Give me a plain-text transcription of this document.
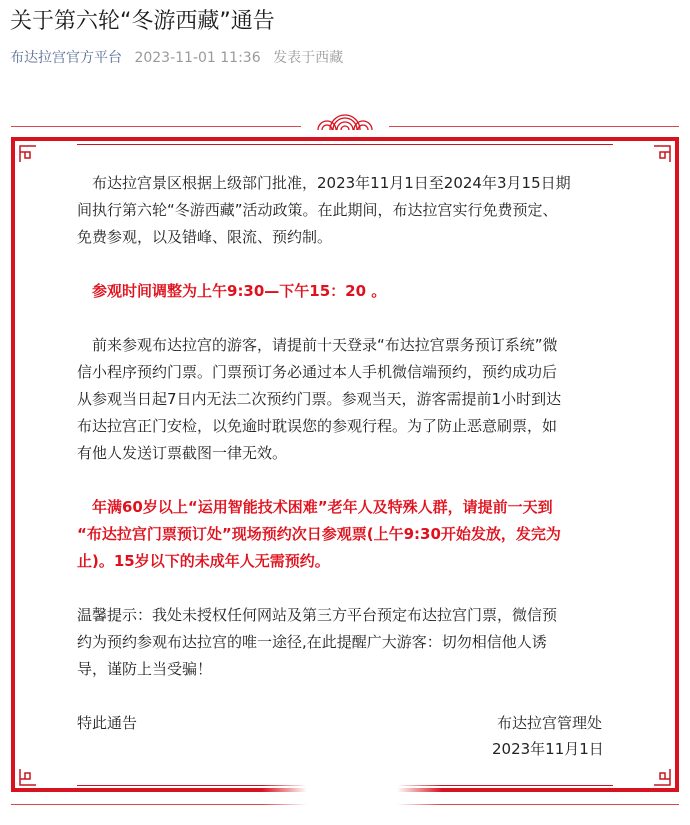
关于第六轮“冬游西藏”通告
布达拉宫官方平台 2023-11-01 11:36 发表于西藏

　布达拉宫景区根据上级部门批准，2023年11月1日至2024年3月15日期
间执行第六轮“冬游西藏”活动政策。在此期间，布达拉宫实行免费预定、
免费参观，以及错峰、限流、预约制。

　参观时间调整为上午9:30—下午15：20 。

　前来参观布达拉宫的游客，请提前十天登录“布达拉宫票务预订系统”微
信小程序预约门票。门票预订务必通过本人手机微信端预约，预约成功后
从参观当日起7日内无法二次预约门票。参观当天，游客需提前1小时到达
布达拉宫正门安检，以免逾时耽误您的参观行程。为了防止恶意刷票，如
有他人发送订票截图一律无效。

　年满60岁以上“运用智能技术困难”老年人及特殊人群，请提前一天到
“布达拉宫门票预订处”现场预约次日参观票(上午9:30开始发放，发完为
止)。15岁以下的未成年人无需预约。

温馨提示：我处未授权任何网站及第三方平台预定布达拉宫门票，微信预
约为预约参观布达拉宫的唯一途径,在此提醒广大游客：切勿相信他人诱
导，谨防上当受骗！

特此通告	布达拉宫管理处
2023年11月1日
